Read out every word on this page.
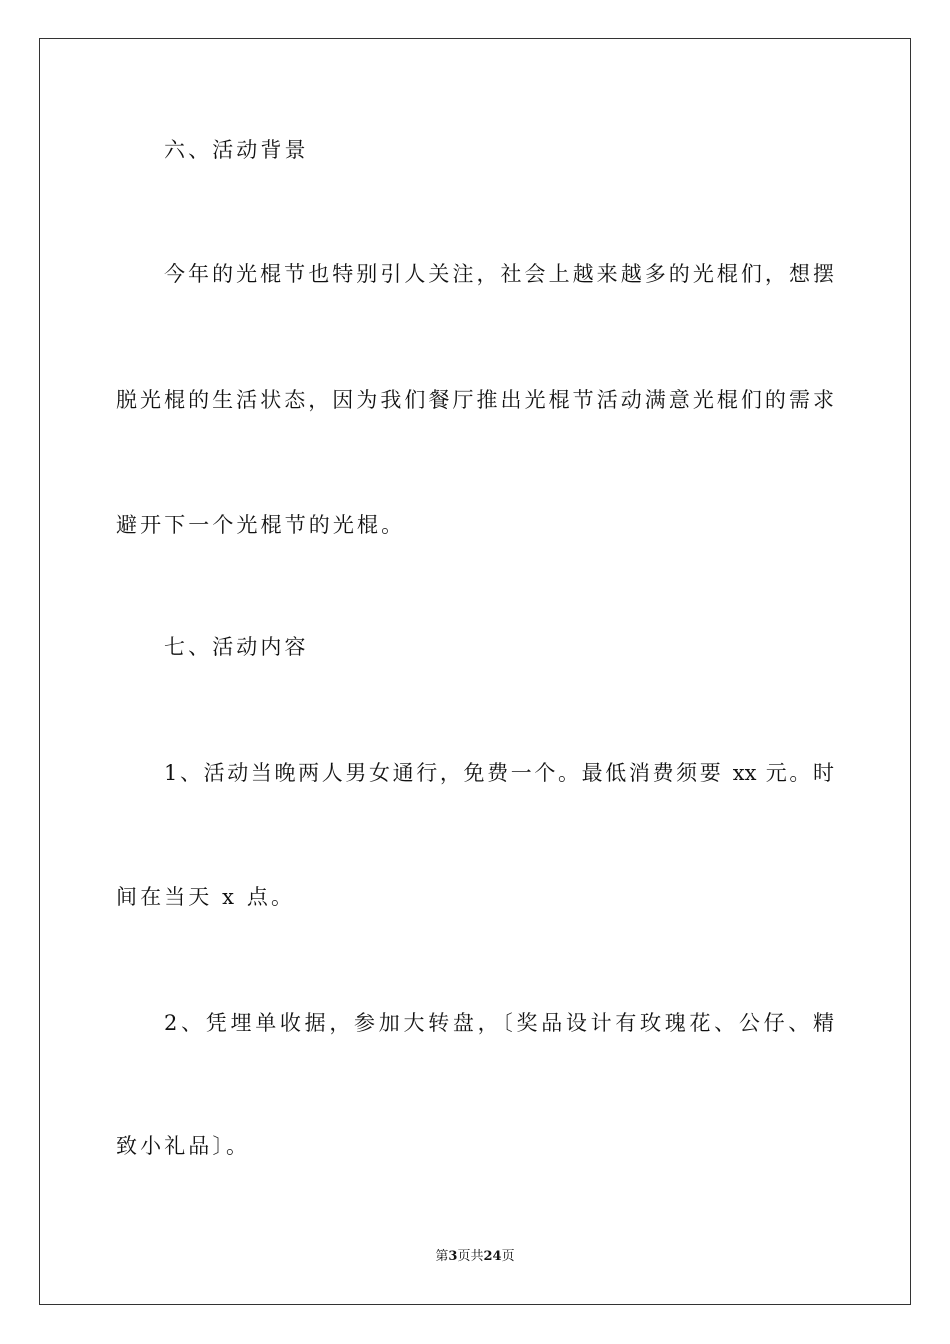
六、活动背景
今年的光棍节也特别引人关注，社会上越来越多的光棍们，想摆
脱光棍的生活状态，因为我们餐厅推出光棍节活动满意光棍们的需求
避开下一个光棍节的光棍。
七、活动内容
1、活动当晚两人男女通行，免费一个。最低消费须要 xx 元。时
间在当天 x 点。
2、凭埋单收据，参加大转盘，〔奖品设计有玫瑰花、公仔、精
致小礼品〕。
第3页共24页
